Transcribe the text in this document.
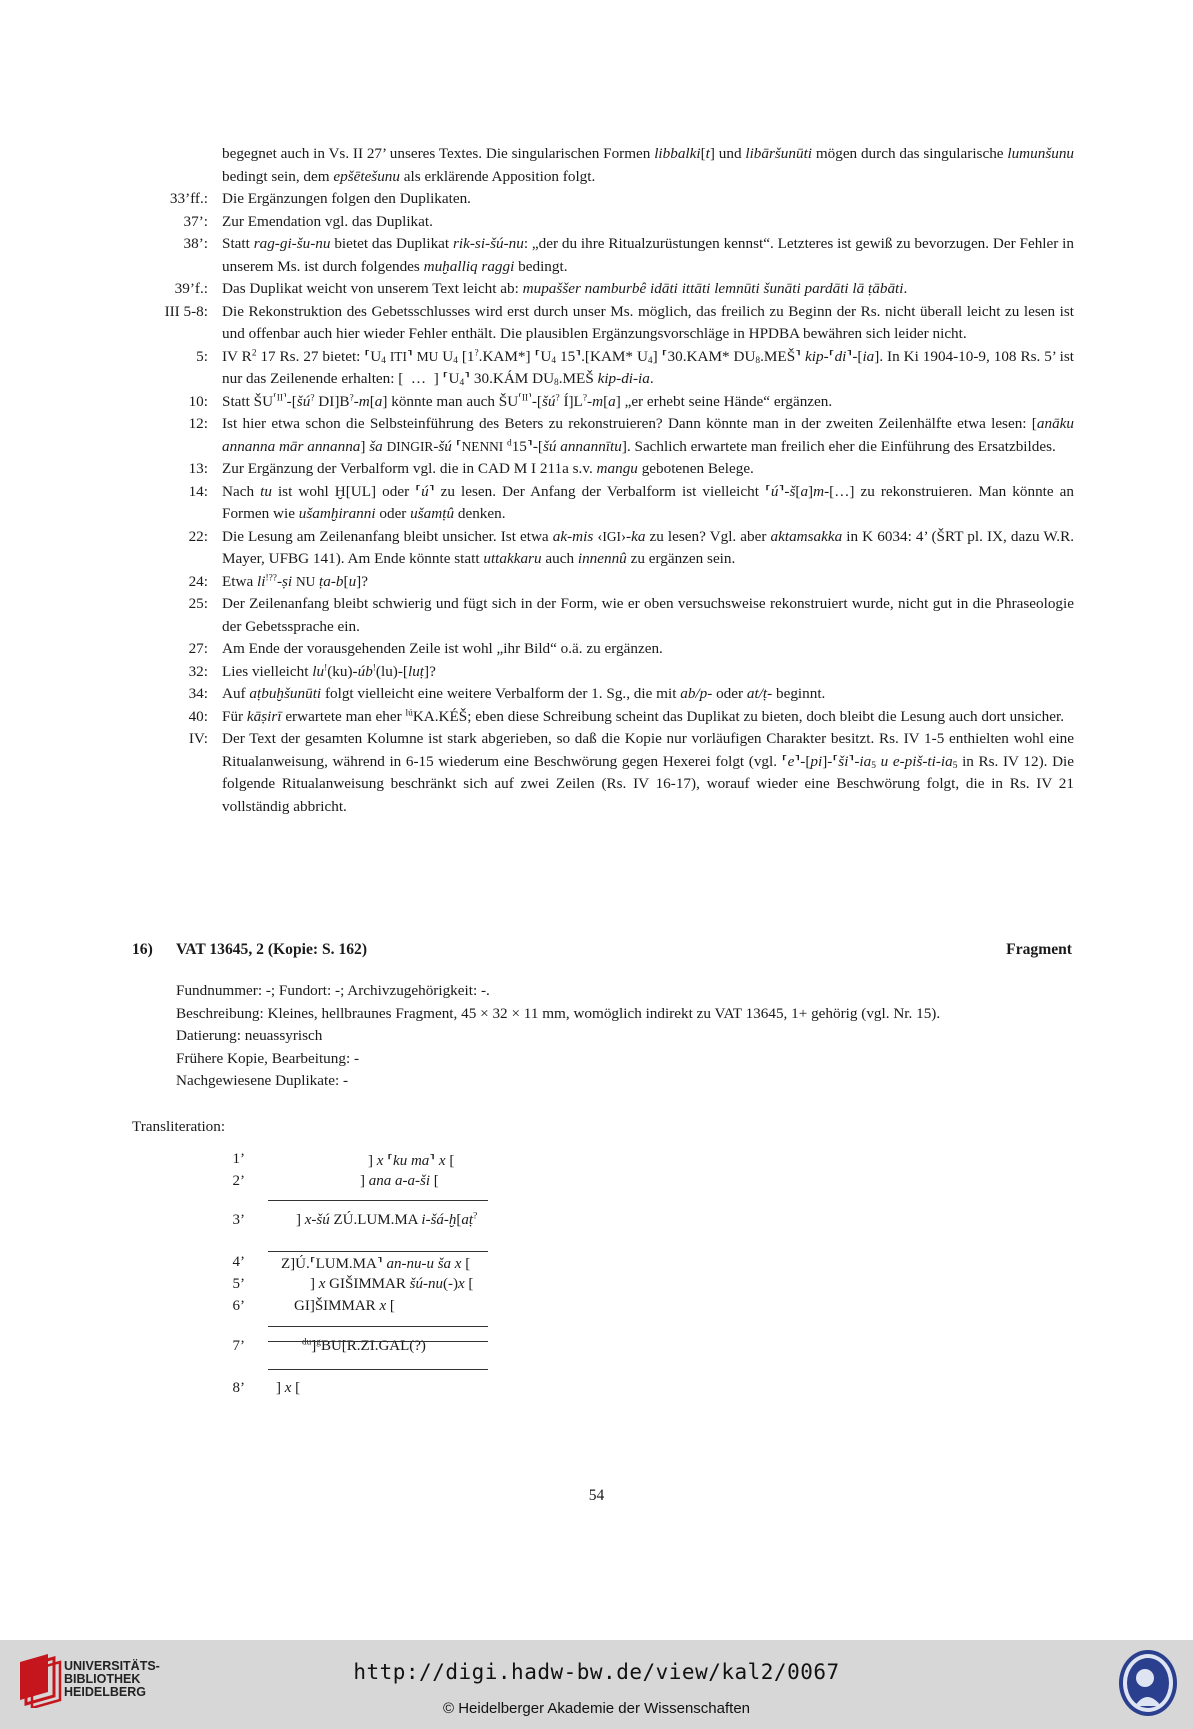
begegnet auch in Vs. II 27’ unseres Textes. Die singularischen Formen libbalki[t] und libāršunūti mögen durch das singularische lumunšunu bedingt sein, dem epšētešunu als erklärende Apposition folgt.
33’ff.: Die Ergänzungen folgen den Duplikaten.
37’: Zur Emendation vgl. das Duplikat.
38’: Statt rag-gi-šu-nu bietet das Duplikat rik-si-šú-nu: „der du ihre Ritualzurüstungen kennst“. Letzteres ist gewiß zu bevorzugen. Der Fehler in unserem Ms. ist durch folgendes muḫalliq raggi bedingt.
39’f.: Das Duplikat weicht von unserem Text leicht ab: mupaššer namburbê idāti ittāti lemnūti šunāti pardāti lā ṭābāti.
III 5-8: Die Rekonstruktion des Gebetsschlusses wird erst durch unser Ms. möglich, das freilich zu Beginn der Rs. nicht überall leicht zu lesen ist und offenbar auch hier wieder Fehler enthält. Die plausiblen Ergänzungsvorschläge in HPDBA bewähren sich leider nicht.
5: IV $R^2$ 17 Rs. 27 bietet: $⸢U_4$ ITI⸣ MU $U_4$ [1?.KAM*] $⸢U_4$ 15⸣.[KAM* $U_4$] ⸢30.KAM* $DU_8.MEŠ⸣$ kip-⸢di⸣-[ia]. In Ki 1904-10-9, 108 Rs. 5’ ist nur das Zeilenende erhalten: [  …  ] $⸢U_4⸣$ 30.KÁM $DU_8.MEŠ$ kip-di-ia.
10: Statt $ŠU^{⸢II⸣}-[šú^?$ DI]B?-m[a] könnte man auch $ŠU^{⸢II⸣}-[šú^?$ Í]L?-m[a] „er erhebt seine Hände“ ergänzen.
12: Ist hier etwa schon die Selbsteinführung des Beters zu rekonstruieren? Dann könnte man in der zweiten Zeilenhälfte etwa lesen: [anāku annanna mār annanna] ša DINGIR-šú ⸢NENNI $^d$15⸣-[šú annannītu]. Sachlich erwartete man freilich eher die Einführung des Ersatzbildes.
13: Zur Ergänzung der Verbalform vgl. die in CAD M I 211a s.v. mangu gebotenen Belege.
14: Nach tu ist wohl Ḫ[UL] oder ⸢ú⸣ zu lesen. Der Anfang der Verbalform ist vielleicht ⸢ú⸣-š[a]m-[…] zu rekonstruieren. Man könnte an Formen wie ušamḫiranni oder ušamṭû denken.
22: Die Lesung am Zeilenanfang bleibt unsicher. Ist etwa ak-mis ‹IGI›-ka zu lesen? Vgl. aber aktamsakka in K 6034: 4’ (ŠRT pl. IX, dazu W.R. Mayer, UFBG 141). Am Ende könnte statt uttakkaru auch innennû zu ergänzen sein.
24: Etwa li!??-ṣi NU ṭa-b[u]?
25: Der Zeilenanfang bleibt schwierig und fügt sich in der Form, wie er oben versuchsweise rekonstruiert wurde, nicht gut in die Phraseologie der Gebetssprache ein.
27: Am Ende der vorausgehenden Zeile ist wohl „ihr Bild“ o.ä. zu ergänzen.
32: Lies vielleicht lu!(ku)-úb!(lu)-[luṭ]?
34: Auf aṭbuḫšunūti folgt vielleicht eine weitere Verbalform der 1. Sg., die mit ab/p- oder at/ṭ- beginnt.
40: Für kāṣirī erwartete man eher $^{lú}$KA.KÉŠ; eben diese Schreibung scheint das Duplikat zu bieten, doch bleibt die Lesung auch dort unsicher.
IV: Der Text der gesamten Kolumne ist stark abgerieben, so daß die Kopie nur vorläufigen Charakter besitzt. Rs. IV 1-5 enthielten wohl eine Ritualanweisung, während in 6-15 wiederum eine Beschwörung gegen Hexerei folgt (vgl. $⸢e⸣-[pi]-⸢ši⸣-ia_5$ u $e-piš-ti-ia_5$ in Rs. IV 12). Die folgende Ritualanweisung beschränkt sich auf zwei Zeilen (Rs. IV 16-17), worauf wieder eine Beschwörung folgt, die in Rs. IV 21 vollständig abbricht.
16) VAT 13645, 2 (Kopie: S. 162)	Fragment
Fundnummer: -; Fundort: -; Archivzugehörigkeit: -.
Beschreibung: Kleines, hellbraunes Fragment, 45 × 32 × 11 mm, womöglich indirekt zu VAT 13645, 1+ gehörig (vgl. Nr. 15).
Datierung: neuassyrisch
Frühere Kopie, Bearbeitung: -
Nachgewiesene Duplikate: -
Transliteration:
1’	] x ⸢ku ma⸣ x [
2’	] ana a-a-ši [
3’	] x-šú ZÚ.LUM.MA i-šá-ḫ[aṭ?
4’ Z]Ú.⸢LUM.MA⸣ an-nu-u ša x [
5’	] x GIŠIMMAR šú-nu(-)x [
6’	GI]ŠIMMAR x [
7’	$^{du}$]$^g$BU[R.ZI.GAL(?)
8’ ] x [
54
UNIVERSITÄTS-
BIBLIOTHEK
HEIDELBERG
http://digi.hadw-bw.de/view/kal2/0067
© Heidelberger Akademie der Wissenschaften
